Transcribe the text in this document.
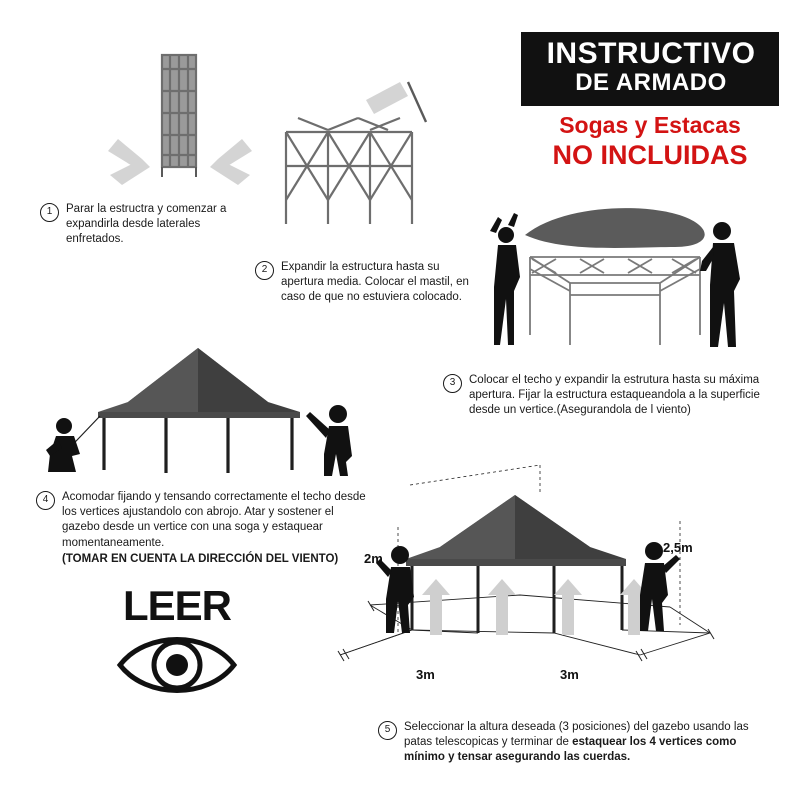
INSTRUCTIVO
DE ARMADO
Sogas y Estacas
NO INCLUIDAS
2m
2,5m
3m	3m
LEER
1	Parar la estructra y comenzar a expandirla desde laterales enfretados.
2	Expandir la estructura hasta su apertura media. Colocar el mastil, en caso de que no estuviera colocado.
3	Colocar el techo y expandir la estrutura hasta su máxima apertura. Fijar la estructura estaqueandola a la superficie desde un vertice.(Asegurandola de l viento)
4	Acomodar fijando y tensando correctamente el techo desde los vertices ajustandolo con abrojo. Atar y sostener el gazebo desde un vertice con una soga y estaquear momentaneamente.
(TOMAR EN CUENTA LA DIRECCIÓN DEL VIENTO)
5	Seleccionar la altura deseada (3 posiciones) del gazebo usando las patas telescopicas y terminar de estaquear los 4 vertices como mínimo y tensar asegurando las cuerdas.
